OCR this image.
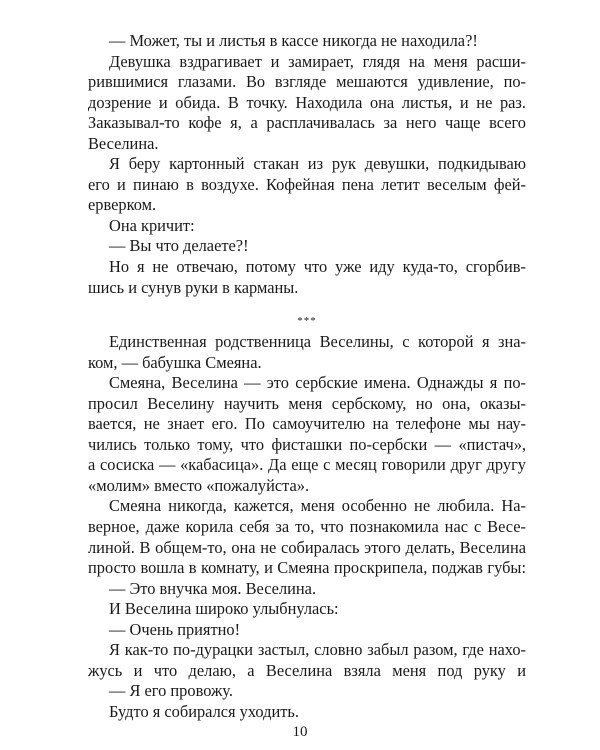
— Может, ты и листья в кассе никогда не находила?!
Девушка вздрагивает и замирает, глядя на меня расши-
рившимися глазами. Во взгляде мешаются удивление, по-
дозрение и обида. В точку. Находила она листья, и не раз.
Заказывал-то кофе я, а расплачивалась за него чаще всего
Веселина.
Я беру картонный стакан из рук девушки, подкидываю
его и пинаю в воздухе. Кофейная пена летит веселым фей-
ерверком.
Она кричит:
— Вы что делаете?!
Но я не отвечаю, потому что уже иду куда-то, сгорбив-
шись и сунув руки в карманы.
***
Единственная родственница Веселины, с которой я зна-
ком, — бабушка Смеяна.
Смеяна, Веселина — это сербские имена. Однажды я по-
просил Веселину научить меня сербскому, но она, оказы-
вается, не знает его. По самоучителю на телефоне мы нау-
чились только тому, что фисташки по-сербски — «пистач»,
а сосиска — «кабасица». Да еще с месяц говорили друг другу
«молим» вместо «пожалуйста».
Смеяна никогда, кажется, меня особенно не любила. На-
верное, даже корила себя за то, что познакомила нас с Весе-
линой. В общем-то, она не собиралась этого делать, Веселина
просто вошла в комнату, и Смеяна проскрипела, поджав губы:
— Это внучка моя. Веселина.
И Веселина широко улыбнулась:
— Очень приятно!
Я как-то по-дурацки застыл, словно забыл разом, где нахо-
жусь и что делаю, а Веселина взяла меня под руку и
— Я его провожу.
Будто я собирался уходить.
10
